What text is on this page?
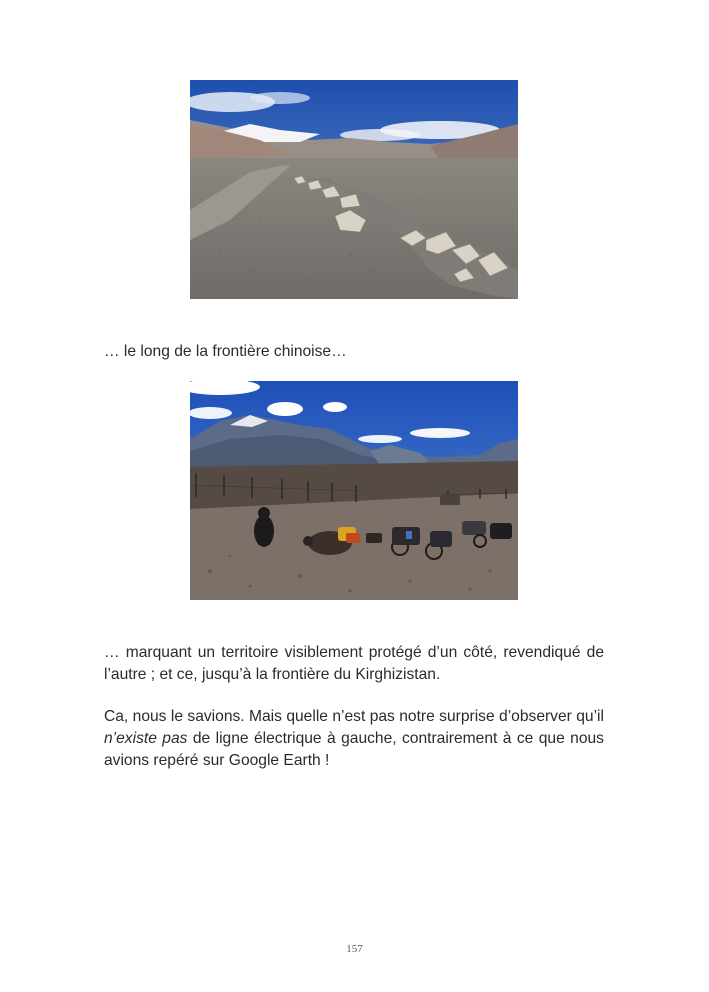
… le long de la frontière chinoise…

… marquant un territoire visiblement protégé d’un côté, revendiqué de l’autre ; et ce, jusqu’à la frontière du Kirghizistan.

Ca, nous le savions. Mais quelle n’est pas notre surprise d’observer qu’il n’existe pas de ligne électrique à gauche, contrairement à ce que nous avions repéré sur Google Earth !

157
